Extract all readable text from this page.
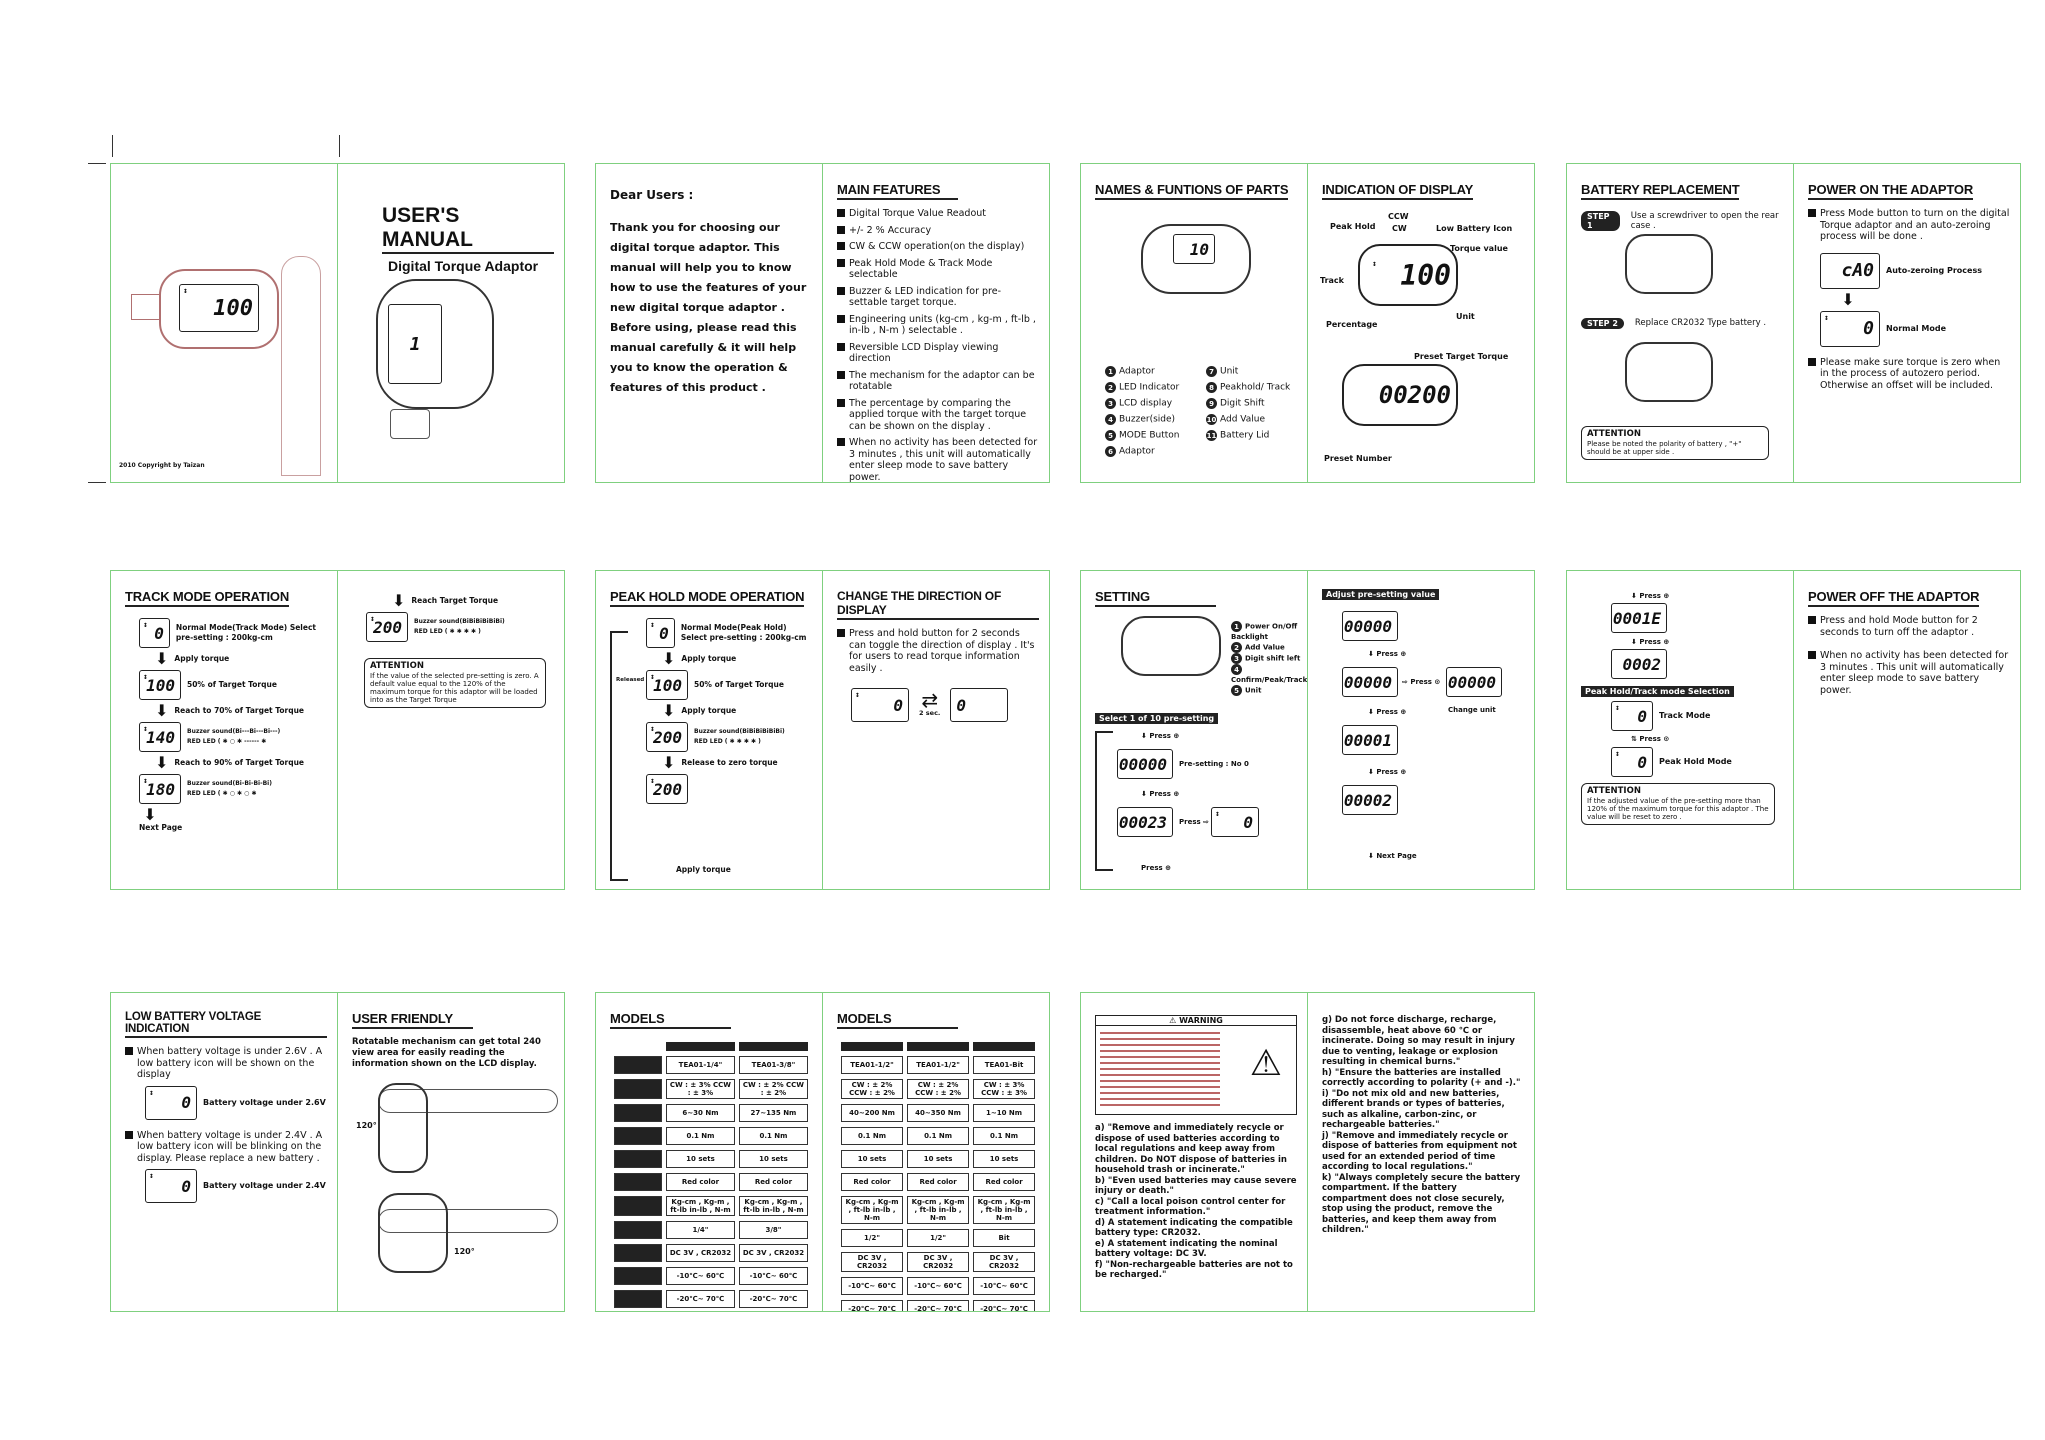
↕
100
2010 Copyright by Taizan
USER'S MANUAL
Digital Torque Adaptor
1
Dear Users :
Thank you for choosing our digital torque adaptor. This manual will help you to know how to use the features of your new digital torque adaptor . Before using, please read this manual carefully & it will help you to know the operation & features of this product .
MAIN FEATURES
Digital Torque Value Readout
+/- 2 % Accuracy
CW & CCW operation(on the display)
Peak Hold Mode & Track Mode selectable
Buzzer & LED indication for pre-settable target torque.
Engineering units (kg-cm , kg-m , ft-lb , in-lb , N-m ) selectable .
Reversible LCD Display viewing direction
The mechanism for the adaptor can be rotatable
The percentage by comparing the applied torque with the target torque can be shown on the display .
When no activity has been detected for 3 minutes , this unit will automatically enter sleep mode to save battery power.
NAMES & FUNTIONS OF PARTS
10
1 Adaptor	7 Unit
2 LED Indicator	8 Peakhold/ Track
3 LCD display	9 Digit Shift
4 Buzzer(side)	10 Add Value
5 MODE Button	11 Battery Lid
6 Adaptor
INDICATION OF DISPLAY
Peak Hold
CCW
CW	Low Battery Icon
Torque value
Track
Unit
Percentage
↕ 100
Preset Target Torque
00200
Preset Number
BATTERY REPLACEMENT
STEP 1
Use a screwdriver to open the rear case .
STEP 2	Replace CR2032 Type battery .
ATTENTION
Please be noted the polarity of battery , "+" should be at upper side .
POWER ON THE ADAPTOR
Press Mode button to turn on the digital Torque adaptor and an auto-zeroing process will be done .
cA0 Auto-zeroing Process
⬇
↕
0 Normal Mode
Please make sure torque is zero when in the process of autozero period. Otherwise an offset will be included.
TRACK MODE OPERATION
↕ 0 Normal Mode(Track Mode) Select pre-setting : 200kg-cm
⬇ Apply torque
↕
100 50% of Target Torque
⬇ Reach to 70% of Target Torque
↕
140 Buzzer sound(Bi---Bi---Bi---)
RED LED ( ✱ ○ ✱ ------ ✱
⬇ Reach to 90% of Target Torque
↕
180 Buzzer sound(Bi-Bi-Bi-Bi)
RED LED ( ✱ ○ ✱ ○ ✱
⬇
Next Page
⬇ Reach Target Torque
↕
200 Buzzer sound(BiBiBiBiBiBi)
RED LED ( ✱ ✱ ✱ ✱ )
ATTENTION
If the value of the selected pre-setting is zero. A default value equal to the 120% of the maximum torque for this adaptor will be loaded into as the Target Torque
PEAK HOLD MODE OPERATION
↕ 0 Normal Mode(Peak Hold) Select pre-setting : 200kg-cm
⬇ Apply torque
Released ↕
100 50% of Target Torque
⬇ Apply torque
↕
200 Buzzer sound(BiBiBiBiBiBi)
RED LED ( ✱ ✱ ✱ ✱ )
⬇ Release to zero torque
↕
200
Apply torque
CHANGE THE DIRECTION OF DISPLAY
Press and hold button for 2 seconds can toggle the direction of display . It's for users to read torque information easily .
↕
0 ⇄
2 sec. 0
SETTING
1 Power On/Off Backlight
2 Add Value
3 Digit shift left
4Confirm/Peak/Track
5 Unit
Select 1 of 10 pre-setting
⬇ Press ⊕
00000 Pre-setting : No 0
⬇ Press ⊕
00023 Press ⇨
↕ 0
Press ⊕
Adjust pre-setting value
00000
⬇ Press ⊕
00000 ⇨ Press ⊙ 00000
Change unit
⬇ Press ⊕
00001
⬇ Press ⊕
00002
⬇ Next Page
⬇ Press ⊕
0001E
⬇ Press ⊕
0002
Peak Hold/Track mode Selection
↕ 0 Track Mode
⇅ Press ⊙
↕ 0 Peak Hold Mode
ATTENTION
If the adjusted value of the pre-setting more than 120% of the maximum torque for this adaptor . The value will be reset to zero .
POWER OFF THE ADAPTOR
Press and hold Mode button for 2 seconds to turn off the adaptor .
When no activity has been detected for 3 minutes . This unit will automatically enter sleep mode to save battery power.
LOW BATTERY VOLTAGE INDICATION
When battery voltage is under 2.6V . A low battery icon will be shown on the display
↕
0 Battery voltage under 2.6V
When battery voltage is under 2.4V . A low battery icon will be blinking on the display. Please replace a new battery .
↕
0 Battery voltage under 2.4V
USER FRIENDLY
Rotatable mechanism can get total 240 view area for easily reading the information shown on the LCD display.
120°
120°
MODELS

	TEA01-1/4"	TEA01-3/8"
	CW : ± 3% CCW : ± 3%	CW : ± 2% CCW : ± 2%
	6~30 Nm	27~135 Nm
	0.1 Nm	0.1 Nm
	10 sets	10 sets
	Red color	Red color
	Kg-cm , Kg-m , ft-lb in-lb , N-m	Kg-cm , Kg-m , ft-lb in-lb , N-m
	1/4"	3/8"
	DC 3V , CR2032	DC 3V , CR2032
	-10℃~ 60℃	-10℃~ 60℃
	-20℃~ 70℃	-20℃~ 70℃
MODELS

TEA01-1/2"	TEA01-1/2"	TEA01-Bit
CW : ± 2% CCW : ± 2%	CW : ± 2% CCW : ± 2%	CW : ± 3% CCW : ± 3%
40~200 Nm	40~350 Nm	1~10 Nm
0.1 Nm	0.1 Nm	0.1 Nm
10 sets	10 sets	10 sets
Red color	Red color	Red color
Kg-cm , Kg-m , ft-lb in-lb , N-m	Kg-cm , Kg-m , ft-lb in-lb , N-m	Kg-cm , Kg-m , ft-lb in-lb , N-m
1/2"	1/2"	Bit
DC 3V , CR2032	DC 3V , CR2032	DC 3V , CR2032
-10℃~ 60℃	-10℃~ 60℃	-10℃~ 60℃
-20℃~ 70℃	-20℃~ 70℃	-20℃~ 70℃
⚠ WARNING
⚠
a) "Remove and immediately recycle or dispose of used batteries according to local regulations and keep away from children. Do NOT dispose of batteries in household trash or incinerate."
b) "Even used batteries may cause severe injury or death."
c) "Call a local poison control center for treatment information."
d) A statement indicating the compatible battery type: CR2032.
e) A statement indicating the nominal battery voltage: DC 3V.
f) "Non-rechargeable batteries are not to be recharged."
g) Do not force discharge, recharge, disassemble, heat above 60 ℃ or incinerate. Doing so may result in injury due to venting, leakage or explosion resulting in chemical burns."
h) "Ensure the batteries are installed correctly according to polarity (+ and -)."
i) "Do not mix old and new batteries, different brands or types of batteries, such as alkaline, carbon-zinc, or rechargeable batteries."
j) "Remove and immediately recycle or dispose of batteries from equipment not used for an extended period of time according to local regulations."
k) "Always completely secure the battery compartment. If the battery compartment does not close securely, stop using the product, remove the batteries, and keep them away from children."
